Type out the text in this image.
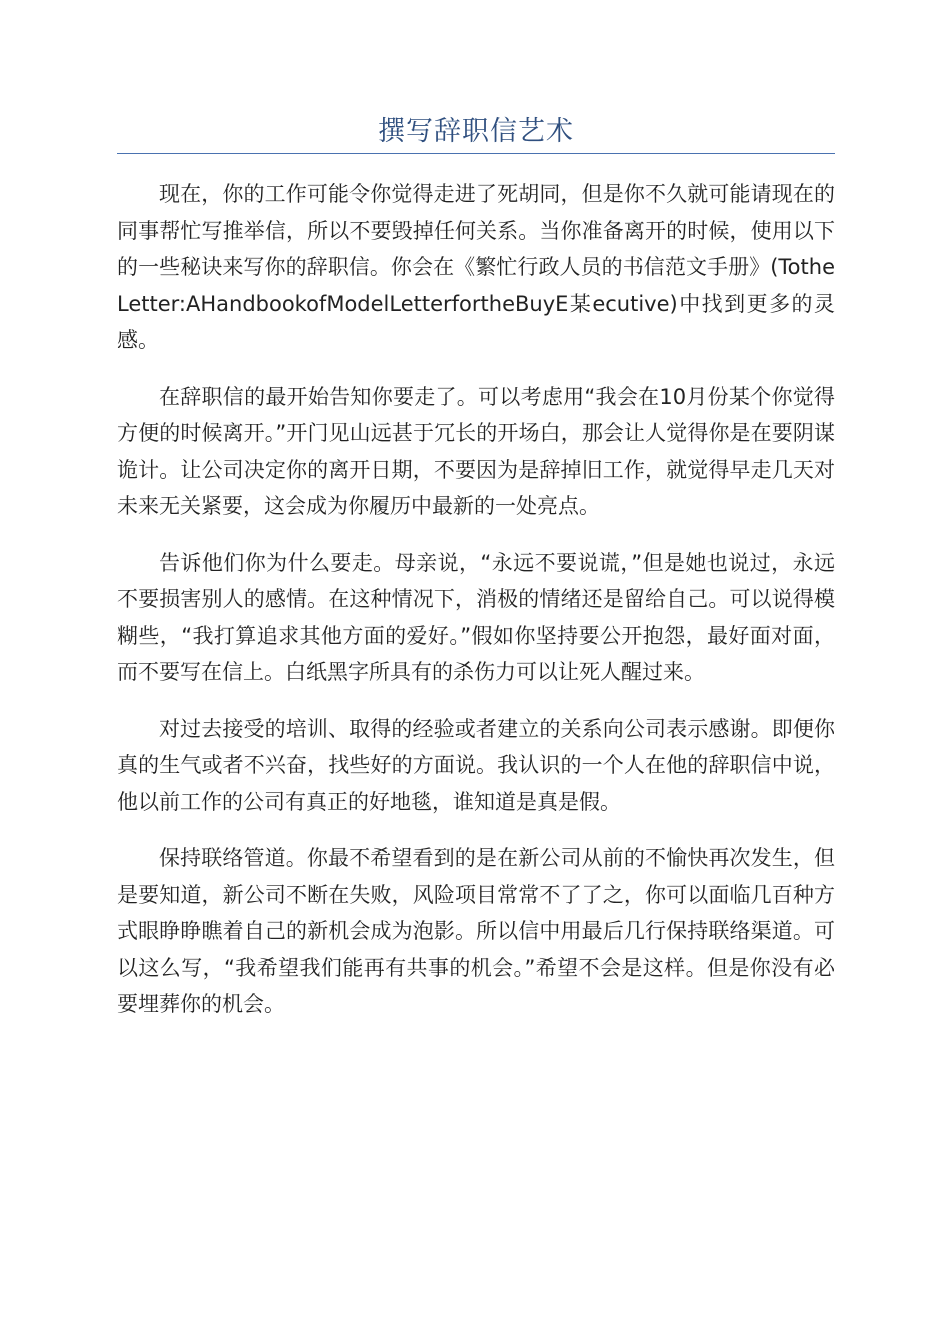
撰写辞职信艺术

现在，你的工作可能令你觉得走进了死胡同，但是你不久就可能请现在的同事帮忙写推举信，所以不要毁掉任何关系。当你准备离开的时候，使用以下的一些秘诀来写你的辞职信。你会在《繁忙行政人员的书信范文手册》(TotheLetter:AHandbookofModelLetterfortheBuyE某ecutive)中找到更多的灵感。

在辞职信的最开始告知你要走了。可以考虑用“我会在10月份某个你觉得方便的时候离开。”开门见山远甚于冗长的开场白，那会让人觉得你是在要阴谋诡计。让公司决定你的离开日期，不要因为是辞掉旧工作，就觉得早走几天对未来无关紧要，这会成为你履历中最新的一处亮点。

告诉他们你为什么要走。母亲说，“永远不要说谎，”但是她也说过，永远不要损害别人的感情。在这种情况下，消极的情绪还是留给自己。可以说得模糊些，“我打算追求其他方面的爱好。”假如你坚持要公开抱怨，最好面对面，而不要写在信上。白纸黑字所具有的杀伤力可以让死人醒过来。

对过去接受的培训、取得的经验或者建立的关系向公司表示感谢。即便你真的生气或者不兴奋，找些好的方面说。我认识的一个人在他的辞职信中说，他以前工作的公司有真正的好地毯，谁知道是真是假。

保持联络管道。你最不希望看到的是在新公司从前的不愉快再次发生，但是要知道，新公司不断在失败，风险项目常常不了了之，你可以面临几百种方式眼睁睁瞧着自己的新机会成为泡影。所以信中用最后几行保持联络渠道。可以这么写，“我希望我们能再有共事的机会。”希望不会是这样。但是你没有必要埋葬你的机会。
